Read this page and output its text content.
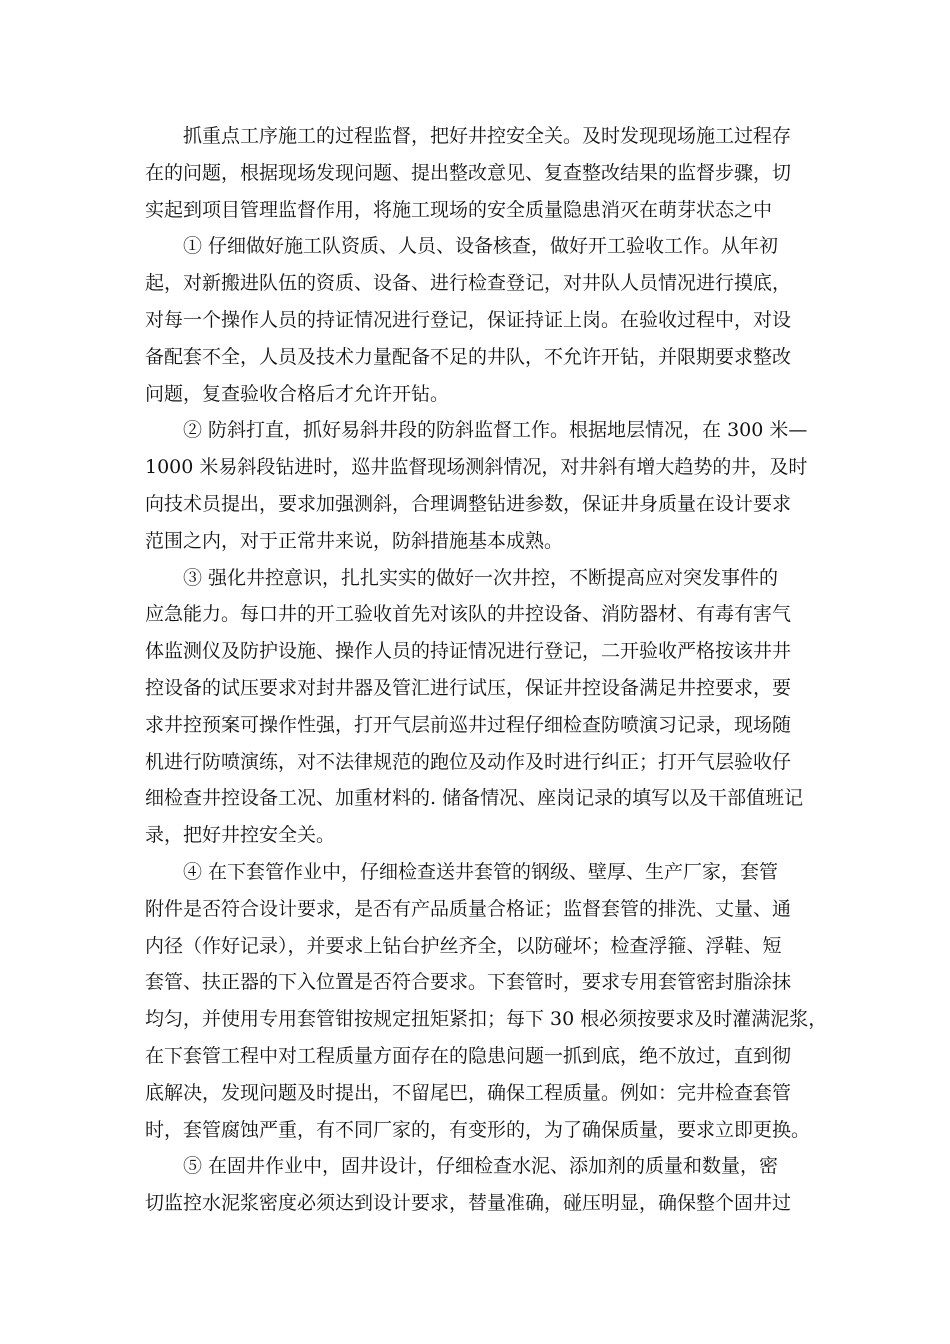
抓重点工序施工的过程监督，把好井控安全关。及时发现现场施工过程存
在的问题，根据现场发现问题、提出整改意见、复查整改结果的监督步骤，切
实起到项目管理监督作用，将施工现场的安全质量隐患消灭在萌芽状态之中
① 仔细做好施工队资质、人员、设备核查，做好开工验收工作。从年初
起，对新搬进队伍的资质、设备、进行检查登记，对井队人员情况进行摸底，
对每一个操作人员的持证情况进行登记，保证持证上岗。在验收过程中，对设
备配套不全，人员及技术力量配备不足的井队，不允许开钻，并限期要求整改
问题，复查验收合格后才允许开钻。
② 防斜打直，抓好易斜井段的防斜监督工作。根据地层情况，在 300 米—
1000 米易斜段钻进时，巡井监督现场测斜情况，对井斜有增大趋势的井，及时
向技术员提出，要求加强测斜，合理调整钻进参数，保证井身质量在设计要求
范围之内，对于正常井来说，防斜措施基本成熟。
③ 强化井控意识，扎扎实实的做好一次井控，不断提高应对突发事件的
应急能力。每口井的开工验收首先对该队的井控设备、消防器材、有毒有害气
体监测仪及防护设施、操作人员的持证情况进行登记，二开验收严格按该井井
控设备的试压要求对封井器及管汇进行试压，保证井控设备满足井控要求，要
求井控预案可操作性强，打开气层前巡井过程仔细检查防喷演习记录，现场随
机进行防喷演练，对不法律规范的跑位及动作及时进行纠正；打开气层验收仔
细检查井控设备工况、加重材料的. 储备情况、座岗记录的填写以及干部值班记
录，把好井控安全关。
④ 在下套管作业中，仔细检查送井套管的钢级、壁厚、生产厂家，套管
附件是否符合设计要求，是否有产品质量合格证；监督套管的排洗、丈量、通
内径（作好记录），并要求上钻台护丝齐全，以防碰坏；检查浮箍、浮鞋、短
套管、扶正器的下入位置是否符合要求。下套管时，要求专用套管密封脂涂抹
均匀，并使用专用套管钳按规定扭矩紧扣；每下 30 根必须按要求及时灌满泥浆，
在下套管工程中对工程质量方面存在的隐患问题一抓到底，绝不放过，直到彻
底解决，发现问题及时提出，不留尾巴，确保工程质量。例如：完井检查套管
时，套管腐蚀严重，有不同厂家的，有变形的，为了确保质量，要求立即更换。
⑤ 在固井作业中，固井设计，仔细检查水泥、添加剂的质量和数量，密
切监控水泥浆密度必须达到设计要求，替量准确，碰压明显，确保整个固井过
